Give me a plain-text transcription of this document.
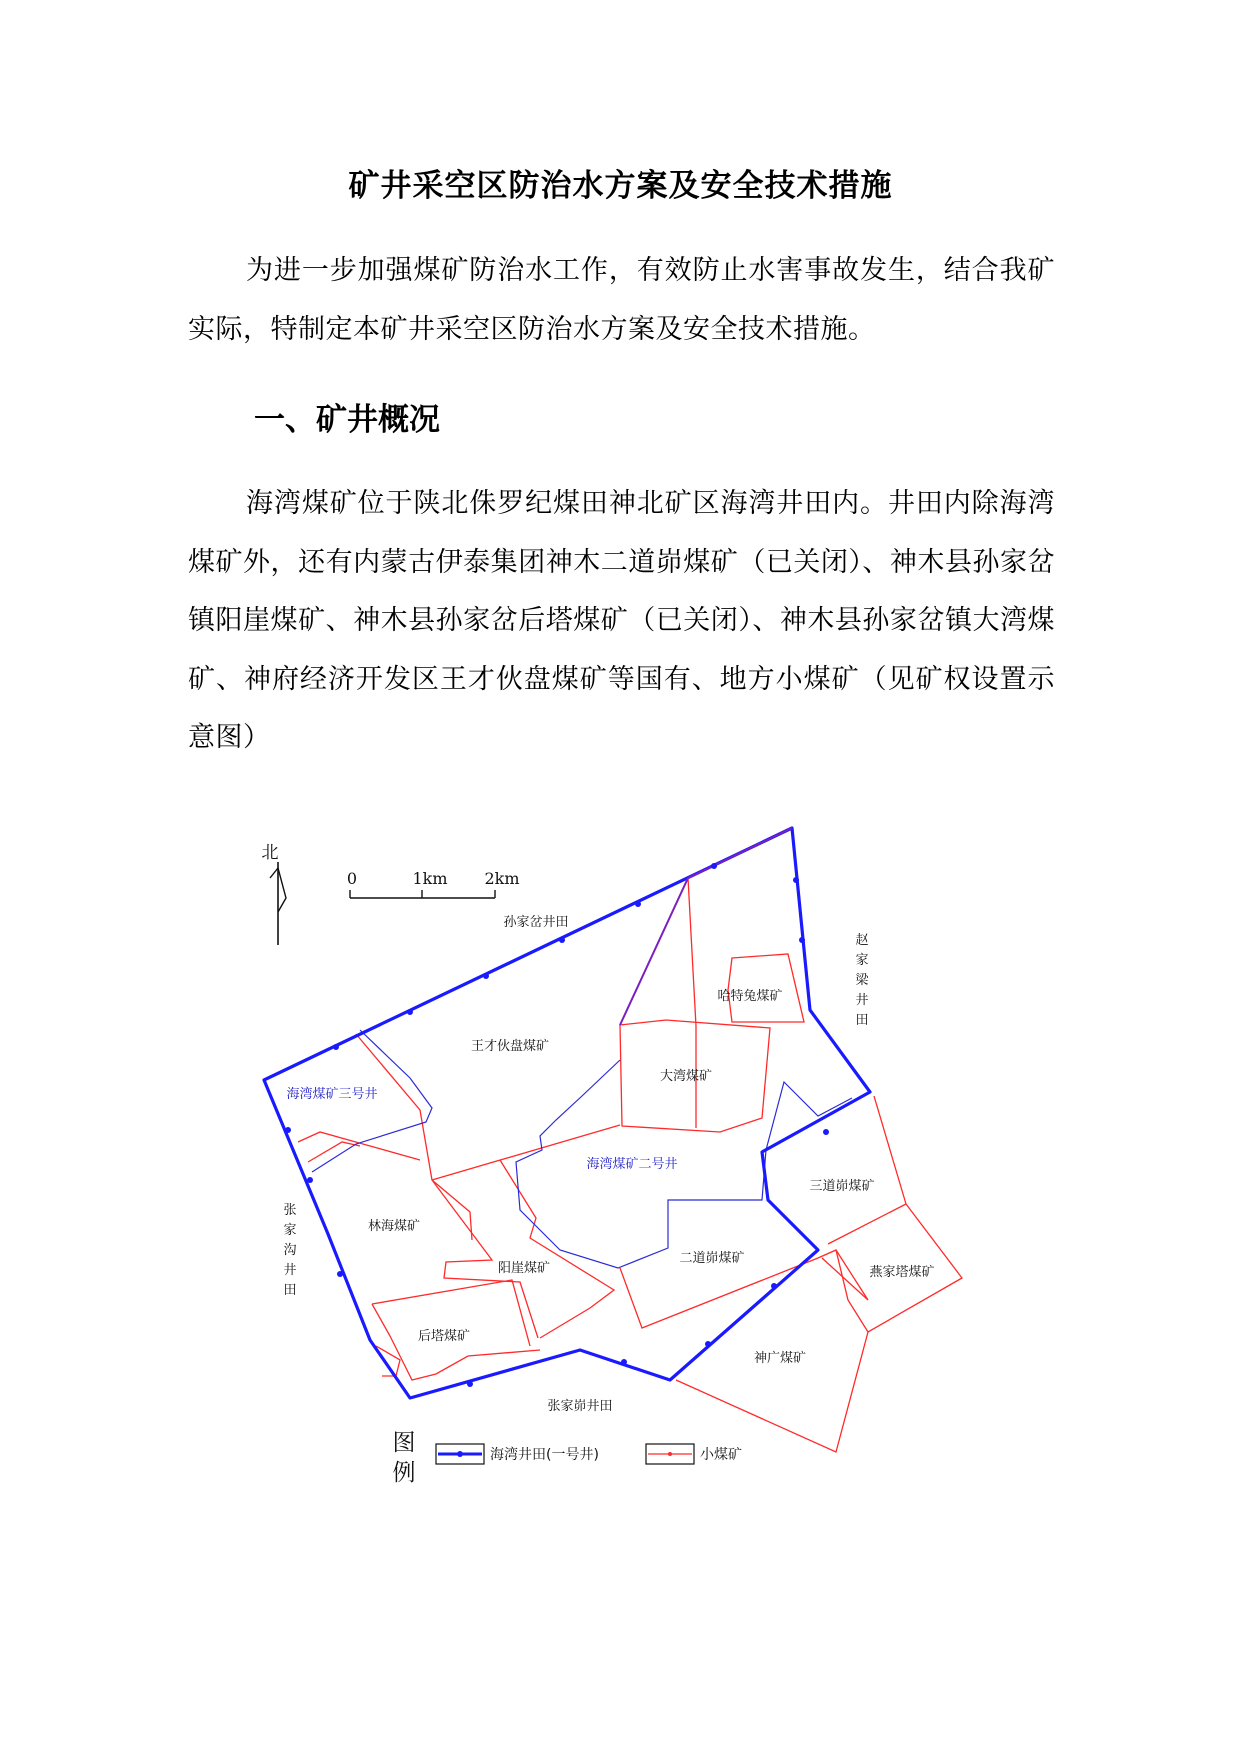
矿井采空区防治水方案及安全技术措施

为进一步加强煤矿防治水工作，有效防止水害事故发生，结合我矿实际，特制定本矿井采空区防治水方案及安全技术措施。

一、矿井概况

海湾煤矿位于陕北侏罗纪煤田神北矿区海湾井田内。井田内除海湾煤矿外，还有内蒙古伊泰集团神木二道峁煤矿（已关闭）、神木县孙家岔镇阳崖煤矿、神木县孙家岔后塔煤矿（已关闭）、神木县孙家岔镇大湾煤矿、神府经济开发区王才伙盘煤矿等国有、地方小煤矿（见矿权设置示意图）

北
0	1km 2km
孙家岔井田
赵
家
梁
井
田
张
家
沟
井
田
张家峁井田
哈特兔煤矿
王才伙盘煤矿
大湾煤矿
海湾煤矿三号井
海湾煤矿二号井
三道峁煤矿
林海煤矿
阳崖煤矿
二道峁煤矿
燕家塔煤矿
后塔煤矿
神广煤矿
图
例
海湾井田(一号井)	小煤矿
